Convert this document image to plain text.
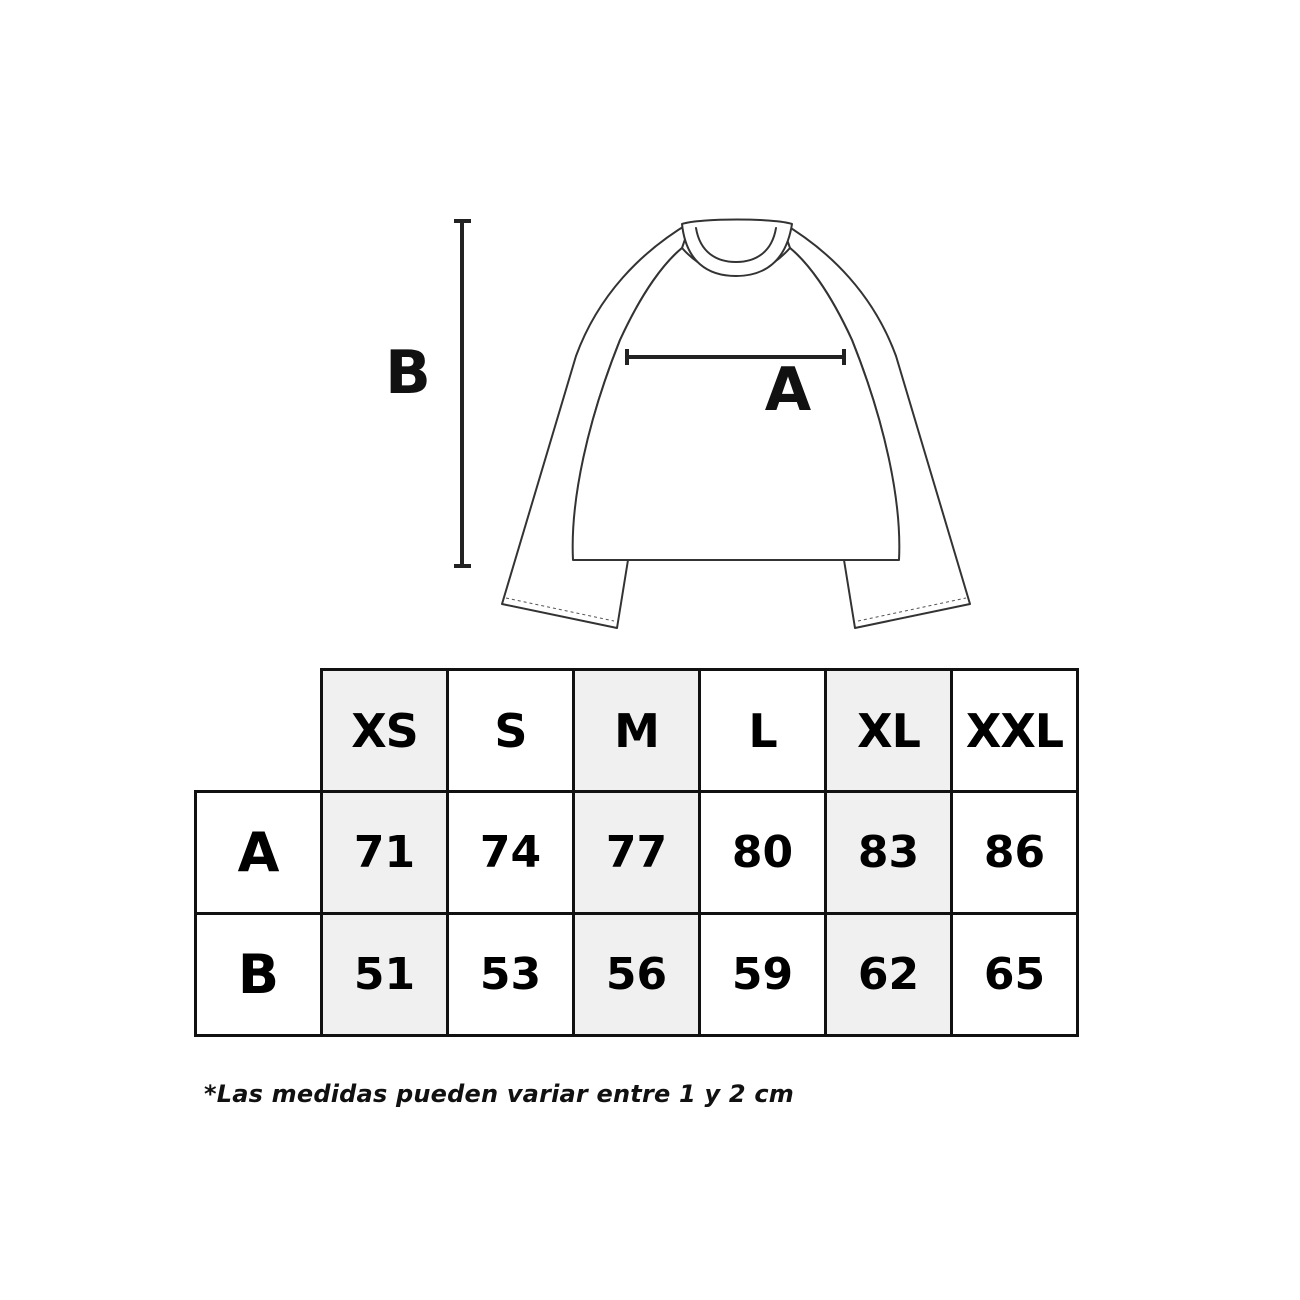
B	A
	XS	S	M	L	XL	XXL
A	71	74	77	80	83	86
B	51	53	56	59	62	65
*Las medidas pueden variar entre 1 y 2 cm
